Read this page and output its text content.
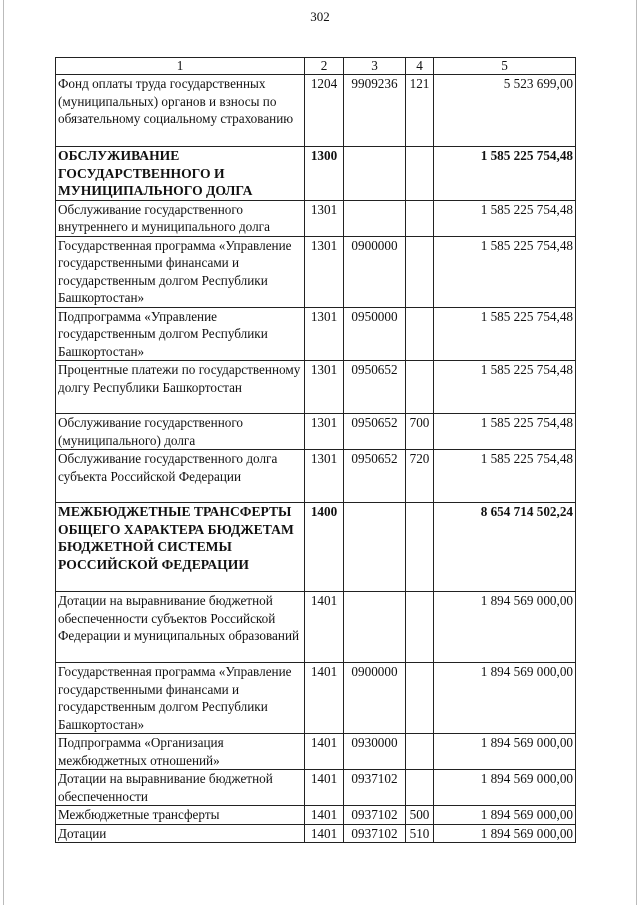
302
1	2	3	4	5
Фонд оплаты труда государственных (муниципальных) органов и взносы по обязательному социальному страхованию	1204	9909236	121	5 523 699,00
ОБСЛУЖИВАНИЕ ГОСУДАРСТВЕННОГО И МУНИЦИПАЛЬНОГО ДОЛГА	1300			1 585 225 754,48
Обслуживание государственного внутреннего и муниципального долга	1301			1 585 225 754,48
Государственная программа «Управление государственными финансами и государственным долгом Республики Башкортостан»	1301	0900000		1 585 225 754,48
Подпрограмма «Управление государственным долгом Республики Башкортостан»	1301	0950000		1 585 225 754,48
Процентные платежи по государственному долгу Республики Башкортостан	1301	0950652		1 585 225 754,48
Обслуживание государственного (муниципального) долга	1301	0950652	700	1 585 225 754,48
Обслуживание государственного долга субъекта Российской Федерации	1301	0950652	720	1 585 225 754,48
МЕЖБЮДЖЕТНЫЕ ТРАНСФЕРТЫ ОБЩЕГО ХАРАКТЕРА БЮДЖЕТАМ БЮДЖЕТНОЙ СИСТЕМЫ РОССИЙСКОЙ ФЕДЕРАЦИИ	1400			8 654 714 502,24
Дотации на выравнивание бюджетной обеспеченности субъектов Российской Федерации и муниципальных образований	1401			1 894 569 000,00
Государственная программа «Управление государственными финансами и государственным долгом Республики Башкортостан»	1401	0900000		1 894 569 000,00
Подпрограмма «Организация межбюджетных отношений»	1401	0930000		1 894 569 000,00
Дотации на выравнивание бюджетной обеспеченности	1401	0937102		1 894 569 000,00
Межбюджетные трансферты	1401	0937102	500	1 894 569 000,00
Дотации	1401	0937102	510	1 894 569 000,00
